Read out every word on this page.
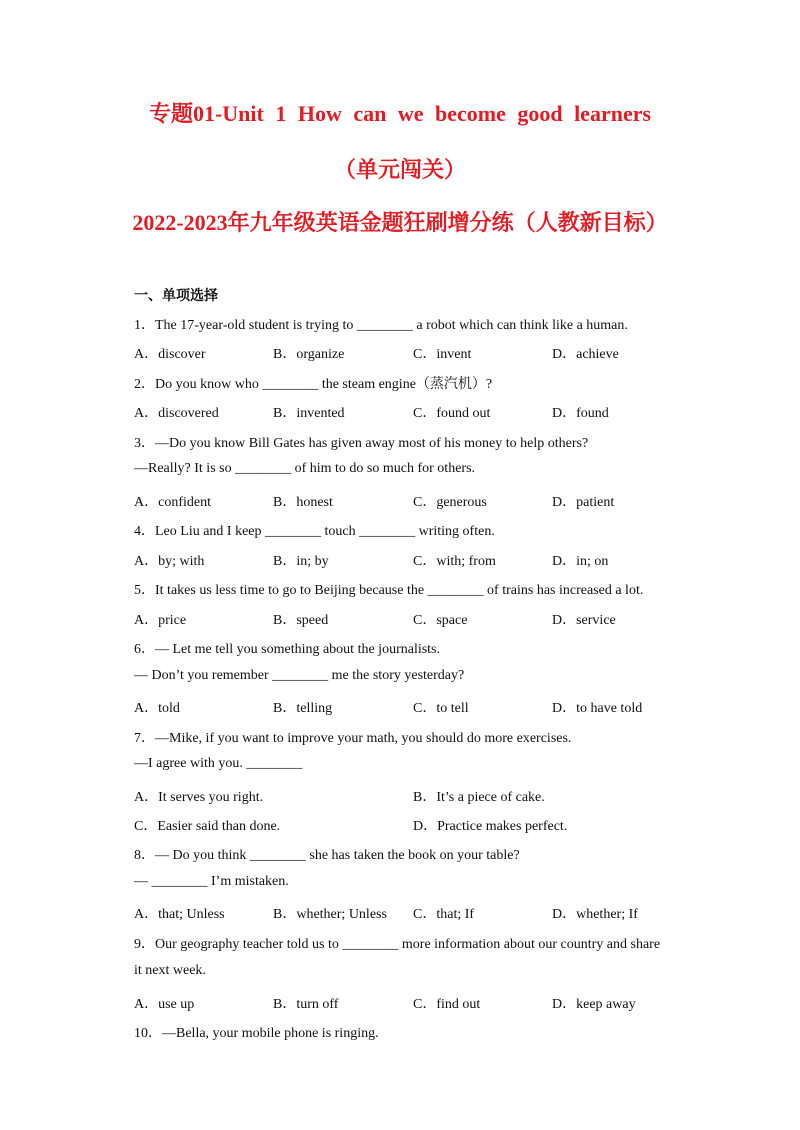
专题01-Unit 1 How can we become good learners
（单元闯关）
2022-2023年九年级英语金题狂刷增分练（人教新目标）
一、单项选择
1．The 17-year-old student is trying to ________ a robot which can think like a human.
A．discover	B．organize	C．invent	D．achieve
2．Do you know who ________ the steam engine（蒸汽机）?
A．discovered	B．invented	C．found out	D．found
3．—Do you know Bill Gates has given away most of his money to help others?
—Really? It is so ________ of him to do so much for others.
A．confident	B．honest	C．generous	D．patient
4．Leo Liu and I keep ________ touch ________ writing often.
A．by; with	B．in; by	C．with; from	D．in; on
5．It takes us less time to go to Beijing because the ________ of trains has increased a lot.
A．price	B．speed	C．space	D．service
6．— Let me tell you something about the journalists.
— Don’t you remember ________ me the story yesterday?
A．told	B．telling	C．to tell	D．to have told
7．—Mike, if you want to improve your math, you should do more exercises.
—I agree with you. ________
A．It serves you right.	B．It’s a piece of cake.
C．Easier said than done.	D．Practice makes perfect.
8．— Do you think ________ she has taken the book on your table?
— ________ I’m mistaken.
A．that; Unless	B．whether; Unless C．that; If	D．whether; If
9．Our geography teacher told us to ________ more information about our country and share
it next week.
A．use up	B．turn off	C．find out	D．keep away
10．—Bella, your mobile phone is ringing.
